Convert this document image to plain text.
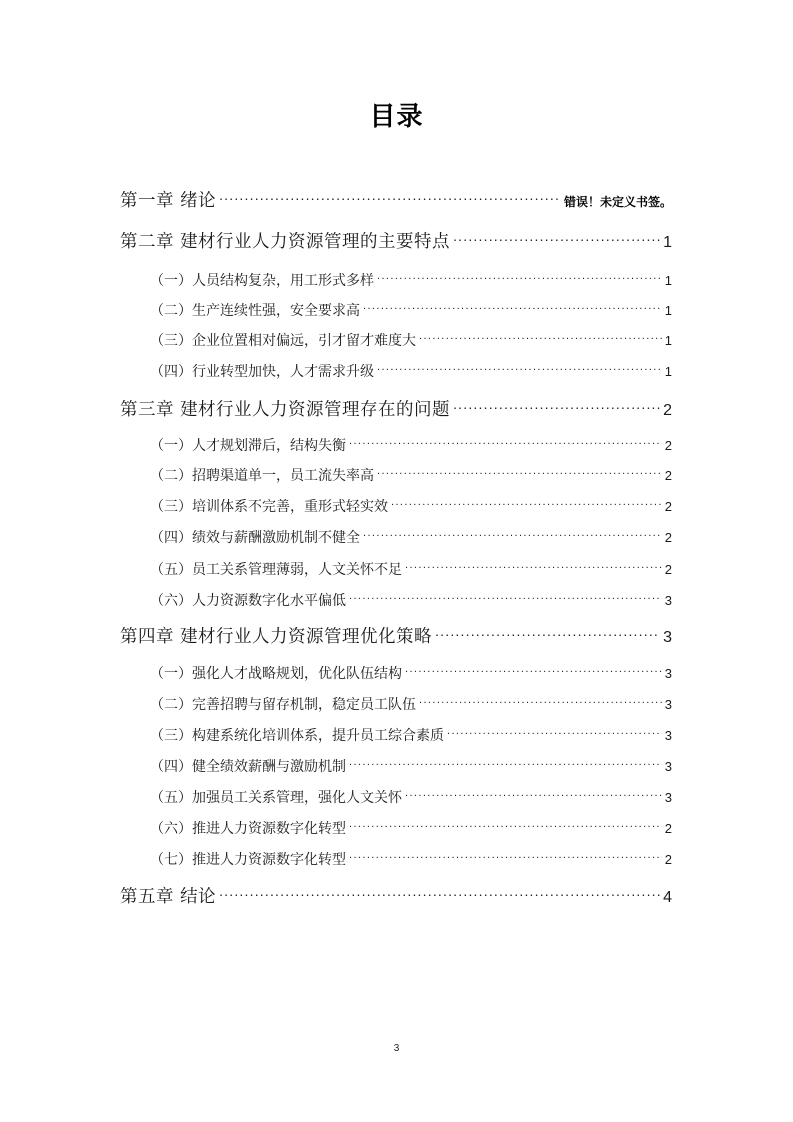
目录
第一章 绪论 .....	错误！未定义书签。
第二章 建材行业人力资源管理的主要特点 .....	1
（一）人员结构复杂，用工形式多样 .....	1
（二）生产连续性强，安全要求高 .....	1
（三）企业位置相对偏远，引才留才难度大 .....	1
（四）行业转型加快，人才需求升级 .....	1
第三章 建材行业人力资源管理存在的问题 .....	2
（一）人才规划滞后，结构失衡 .....	2
（二）招聘渠道单一，员工流失率高 .....	2
（三）培训体系不完善，重形式轻实效 .....	2
（四）绩效与薪酬激励机制不健全 .....	2
（五）员工关系管理薄弱，人文关怀不足 .....	2
（六）人力资源数字化水平偏低 .....	3
第四章 建材行业人力资源管理优化策略 .....	3
（一）强化人才战略规划，优化队伍结构 .....	3
（二）完善招聘与留存机制，稳定员工队伍 .....	3
（三）构建系统化培训体系，提升员工综合素质 .....	3
（四）健全绩效薪酬与激励机制 .....	3
（五）加强员工关系管理，强化人文关怀 .....	3
（六）推进人力资源数字化转型 .....	2
（七）推进人力资源数字化转型 .....	2
第五章 结论 .....	4
3
